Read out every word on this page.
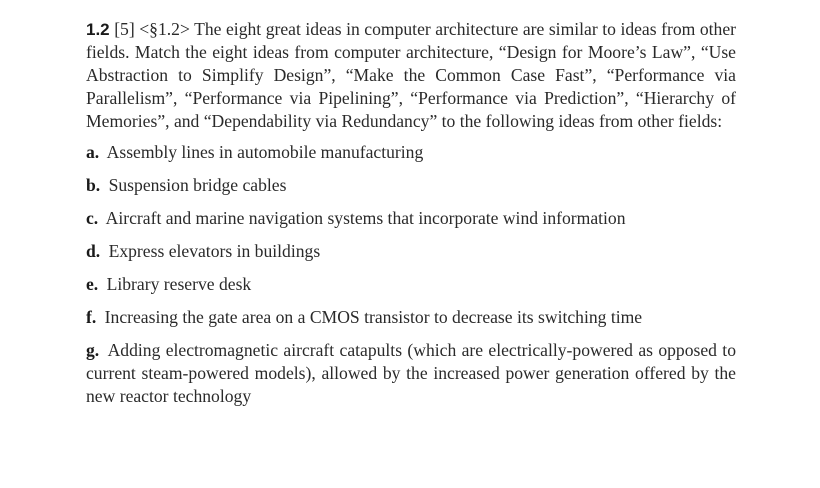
1.2 [5] <§1.2> The eight great ideas in computer architecture are similar to ideas from other fields. Match the eight ideas from computer architecture, “Design for Moore’s Law”, “Use Abstraction to Simplify Design”, “Make the Common Case Fast”, “Performance via Parallelism”, “Performance via Pipelining”, “Performance via Prediction”, “Hierarchy of Memories”, and “Dependability via Redundancy” to the following ideas from other fields:

a. Assembly lines in automobile manufacturing
b. Suspension bridge cables
c. Aircraft and marine navigation systems that incorporate wind information
d. Express elevators in buildings
e. Library reserve desk
f. Increasing the gate area on a CMOS transistor to decrease its switching time
g. Adding electromagnetic aircraft catapults (which are electrically-powered as opposed to current steam-powered models), allowed by the increased power generation offered by the new reactor technology
